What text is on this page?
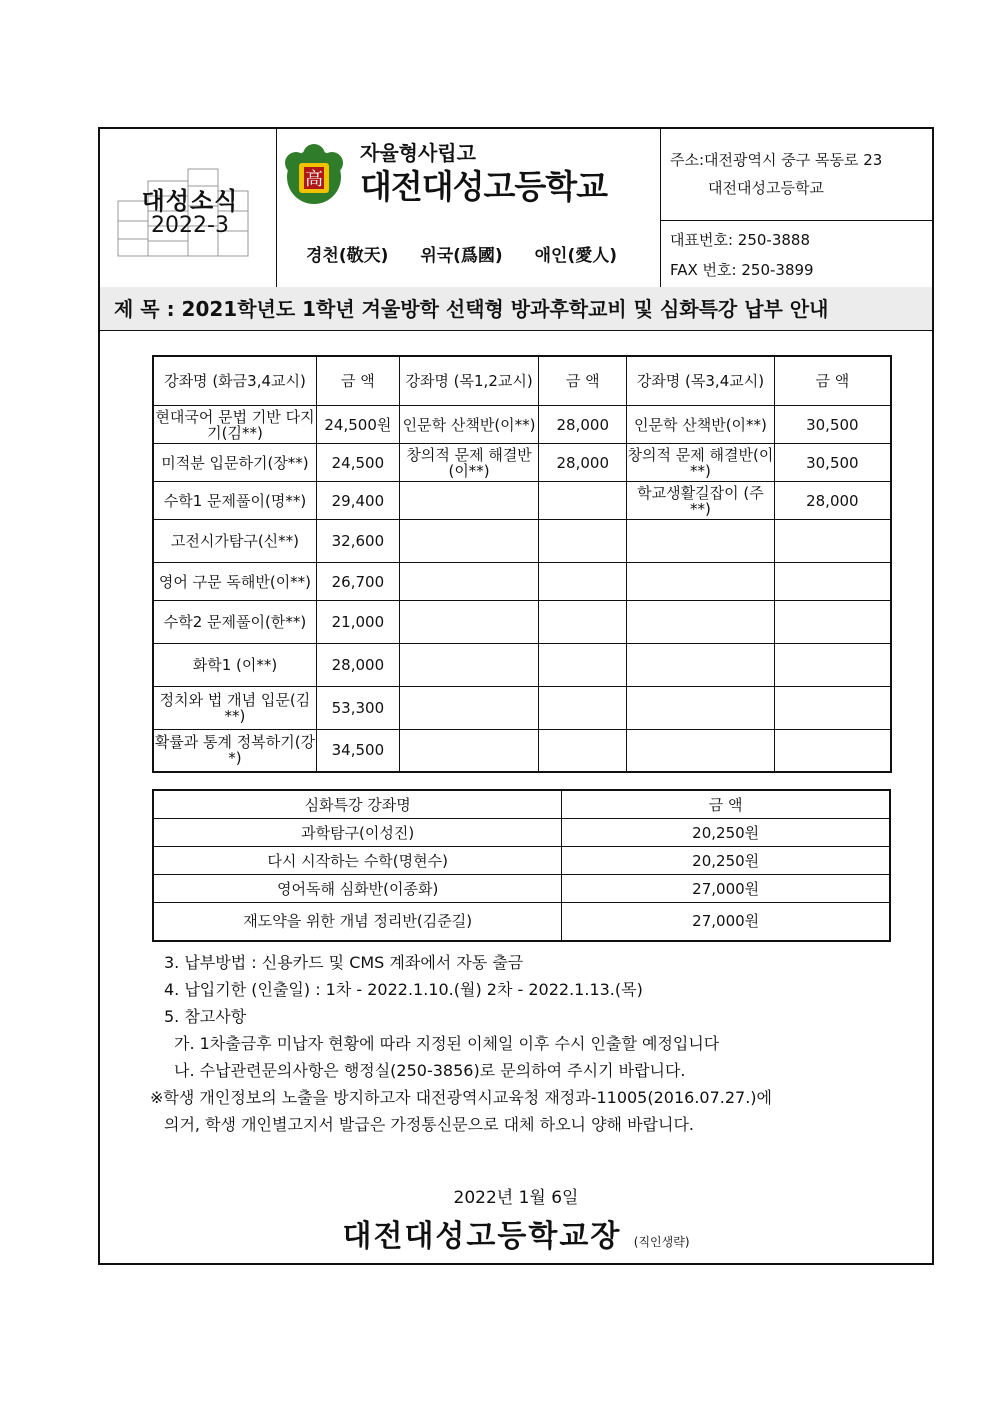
대성소식
2022-3
高
자율형사립고
대전대성고등학교
경천(敬天) 위국(爲國) 애인(愛人)
주소:대전광역시 중구 목동로 23
대전대성고등학교
대표번호: 250-3888
FAX 번호: 250-3899
제 목 : 2021학년도 1학년 겨울방학 선택형 방과후학교비 및 심화특강 납부 안내
강좌명 (화금3,4교시)	금 액	강좌명 (목1,2교시)	금 액	강좌명 (목3,4교시)	금 액
현대국어 문법 기반 다지기(김**)	24,500원	인문학 산책반(이**)	28,000	인문학 산책반(이**)	30,500
미적분 입문하기(장**)	24,500	창의적 문제 해결반(이**)	28,000	창의적 문제 해결반(이**)	30,500
수학1 문제풀이(명**)	29,400			학교생활길잡이 (주**)	28,000
고전시가탐구(신**)	32,600				
영어 구문 독해반(이**)	26,700				
수학2 문제풀이(한**)	21,000				
화학1 (이**)	28,000				
정치와 법 개념 입문(김**)	53,300				
확률과 통계 정복하기(강*)	34,500				
심화특강 강좌명	금 액
과학탐구(이성진)	20,250원
다시 시작하는 수학(명현수)	20,250원
영어독해 심화반(이종화)	27,000원
재도약을 위한 개념 정리반(김준길)	27,000원
3. 납부방법 : 신용카드 및 CMS 계좌에서 자동 출금
4. 납입기한 (인출일) : 1차 - 2022.1.10.(월) 2차 - 2022.1.13.(목)
5. 참고사항
가. 1차출금후 미납자 현황에 따라 지정된 이체일 이후 수시 인출할 예정입니다
나. 수납관련문의사항은 행정실(250-3856)로 문의하여 주시기 바랍니다.
※학생 개인정보의 노출을 방지하고자 대전광역시교육청 재정과-11005(2016.07.27.)에
의거, 학생 개인별고지서 발급은 가정통신문으로 대체 하오니 양해 바랍니다.
2022년 1월 6일
대전대성고등학교장 (직인생략)
